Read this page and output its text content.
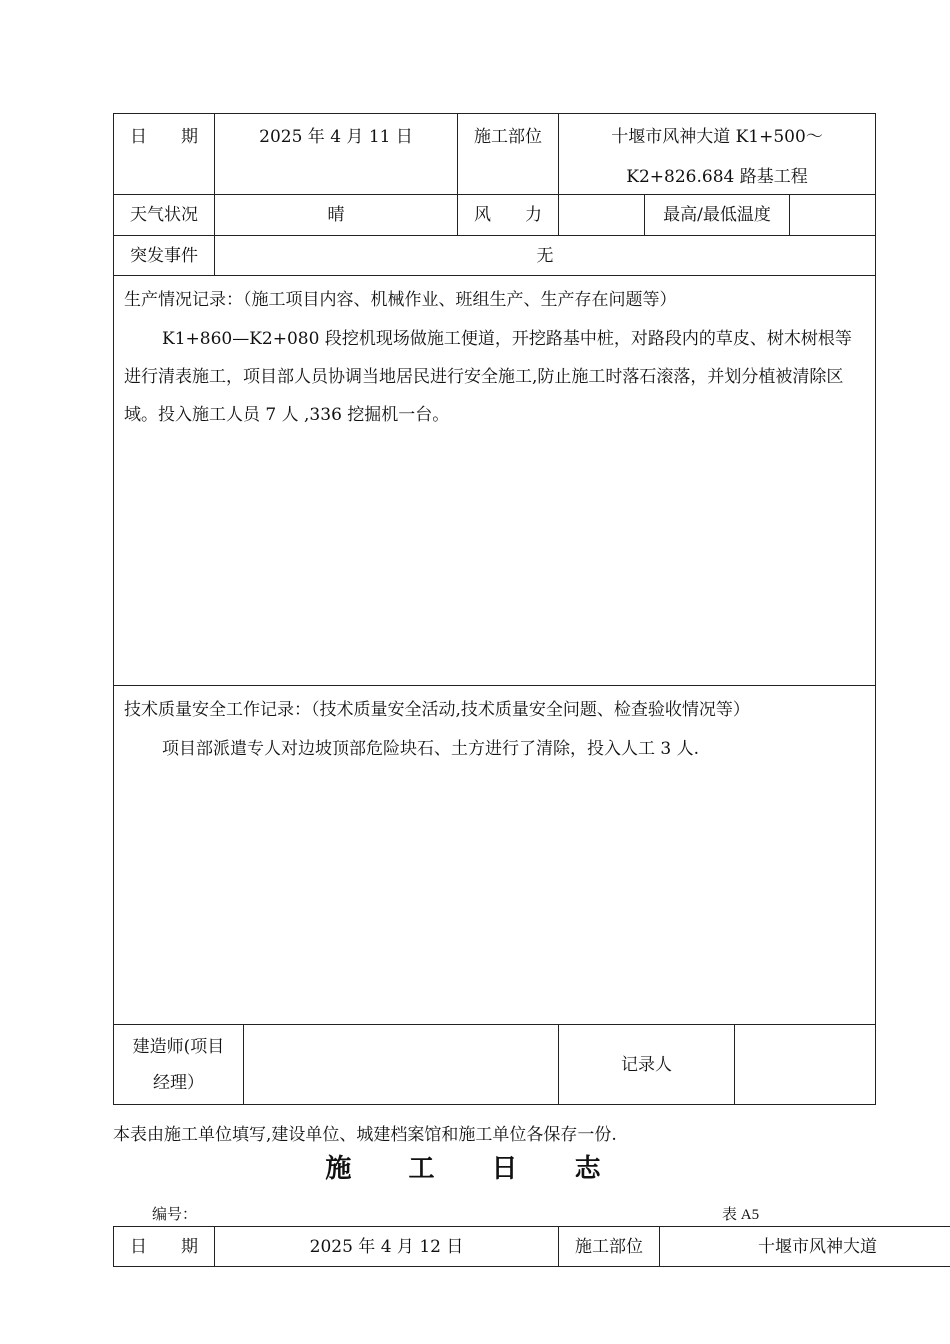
日　　期	2025 年 4 月 11 日		施工部位	十堰市风神大道 K1+500～
K2+826.684 路基工程			

天气状况	晴		风　　力		最高/最低温度		
突发事件	无						

生产情况记录：（施工项目内容、机械作业、班组生产、生产存在问题等）
K1+860—K2+080 段挖机现场做施工便道，开挖路基中桩，对路段内的草皮、树木树根等进行清表施工，项目部人员协调当地居民进行安全施工,防止施工时落石滚落，并划分植被清除区域。投入施工人员 7 人 ,336 挖掘机一台。							

技术质量安全工作记录：（技术质量安全活动,技术质量安全问题、检查验收情况等）
项目部派遣专人对边坡顶部危险块石、土方进行了清除，投入人工 3 人.							

建造师(项目
经理）				记录人			
本表由施工单位填写,建设单位、城建档案馆和施工单位各保存一份.
施 工 日 志
编号：	表 A5
日　　期	2025 年 4 月 12 日	施工部位	十堰市风神大道
